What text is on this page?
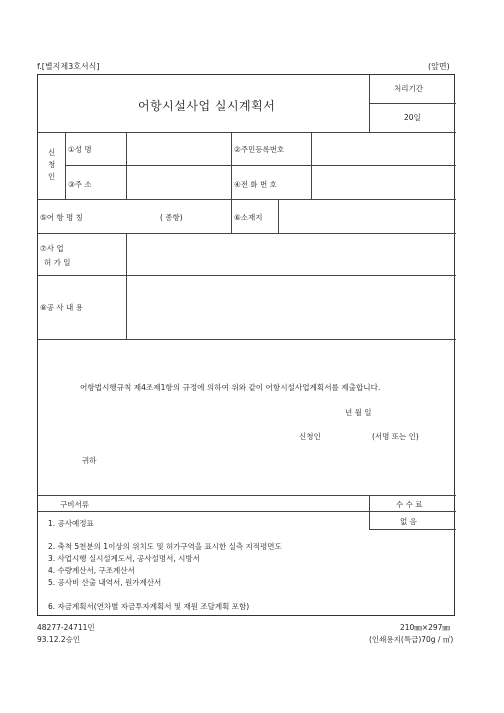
f.[별지제3호서식]	(앞면)
어항시설사업 실시계획서
처리기간
20일
신
청
인
①성 명	②주민등록번호
③주 소	④전 화 번 호
⑤어 항 명 칭	( 종항)	⑥소재지
⑦사 업
허 가 일
⑧공 사 내 용
어항법시행규칙 제4조제1항의 규정에 의하여 위와 같이 어항시설사업계획서를 제출합니다.
년 월 일
신청인	(서명 또는 인)
귀하
구비서류	수 수 료
없 음
1. 공사예정표
2. 축척 5천분의 1이상의 위치도 및 허가구역을 표시한 실측 지적평면도
3. 사업시행 실시설계도서, 공사설명서, 시방서
4. 수량계산서, 구조계산서
5. 공사비 산출 내역서, 원가계산서
6. 자금계획서(연차별 자금투자계획서 및 재원 조달계획 포함)
48277-24711민
93.12.2승인
210㎜×297㎜
(인쇄용지(특급)70g / ㎡)
